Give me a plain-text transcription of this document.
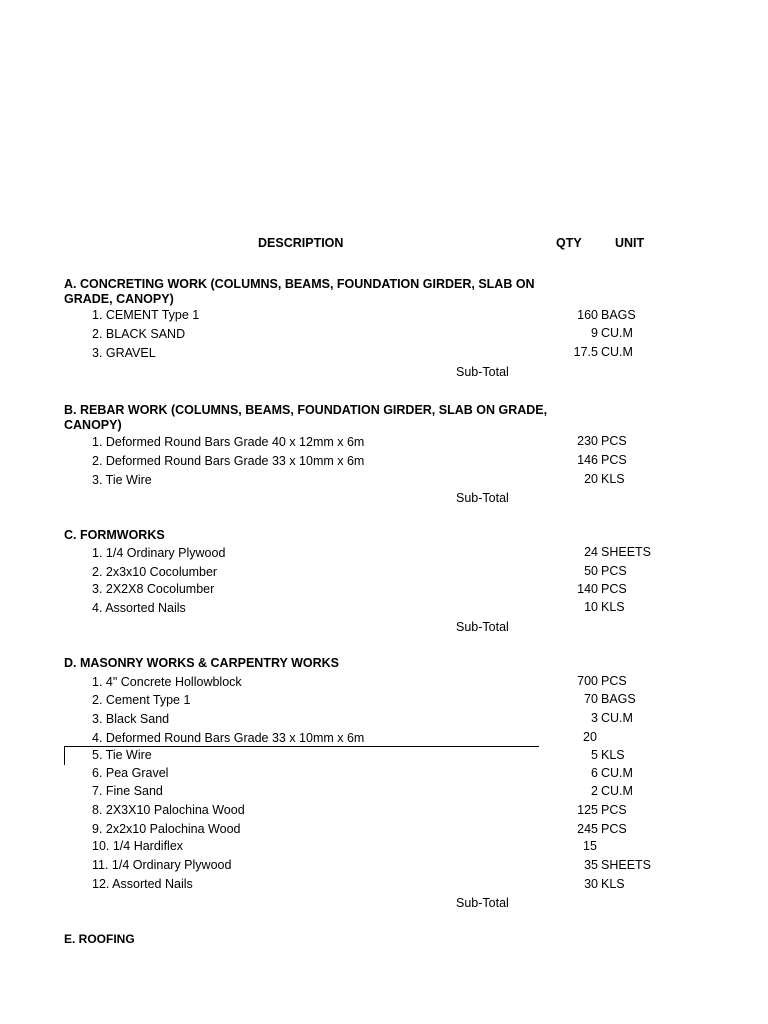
DESCRIPTION	QTY	UNIT
A. CONCRETING WORK (COLUMNS, BEAMS, FOUNDATION GIRDER, SLAB ON GRADE, CANOPY)
1. CEMENT Type 1	160 BAGS
2. BLACK SAND	9 CU.M
3. GRAVEL	17.5 CU.M
Sub-Total
B. REBAR WORK (COLUMNS, BEAMS, FOUNDATION GIRDER, SLAB ON GRADE, CANOPY)
1. Deformed Round Bars Grade 40 x 12mm x 6m	230 PCS
2. Deformed Round Bars Grade 33 x 10mm x 6m	146 PCS
3. Tie Wire	20 KLS
Sub-Total
C. FORMWORKS
1. 1/4 Ordinary Plywood	24 SHEETS
2. 2x3x10 Cocolumber	50 PCS
3. 2X2X8 Cocolumber	140 PCS
4. Assorted Nails	10 KLS
Sub-Total
D. MASONRY WORKS & CARPENTRY WORKS
1. 4" Concrete Hollowblock	700 PCS
2. Cement Type 1	70 BAGS
3. Black Sand	3 CU.M
4. Deformed Round Bars Grade 33 x 10mm x 6m	20
5. Tie Wire	5 KLS
6. Pea Gravel	6 CU.M
7. Fine Sand	2 CU.M
8. 2X3X10 Palochina Wood	125 PCS
9. 2x2x10 Palochina Wood	245 PCS
10. 1/4 Hardiflex	15
11. 1/4 Ordinary Plywood	35 SHEETS
12. Assorted Nails	30 KLS
Sub-Total
E. ROOFING
